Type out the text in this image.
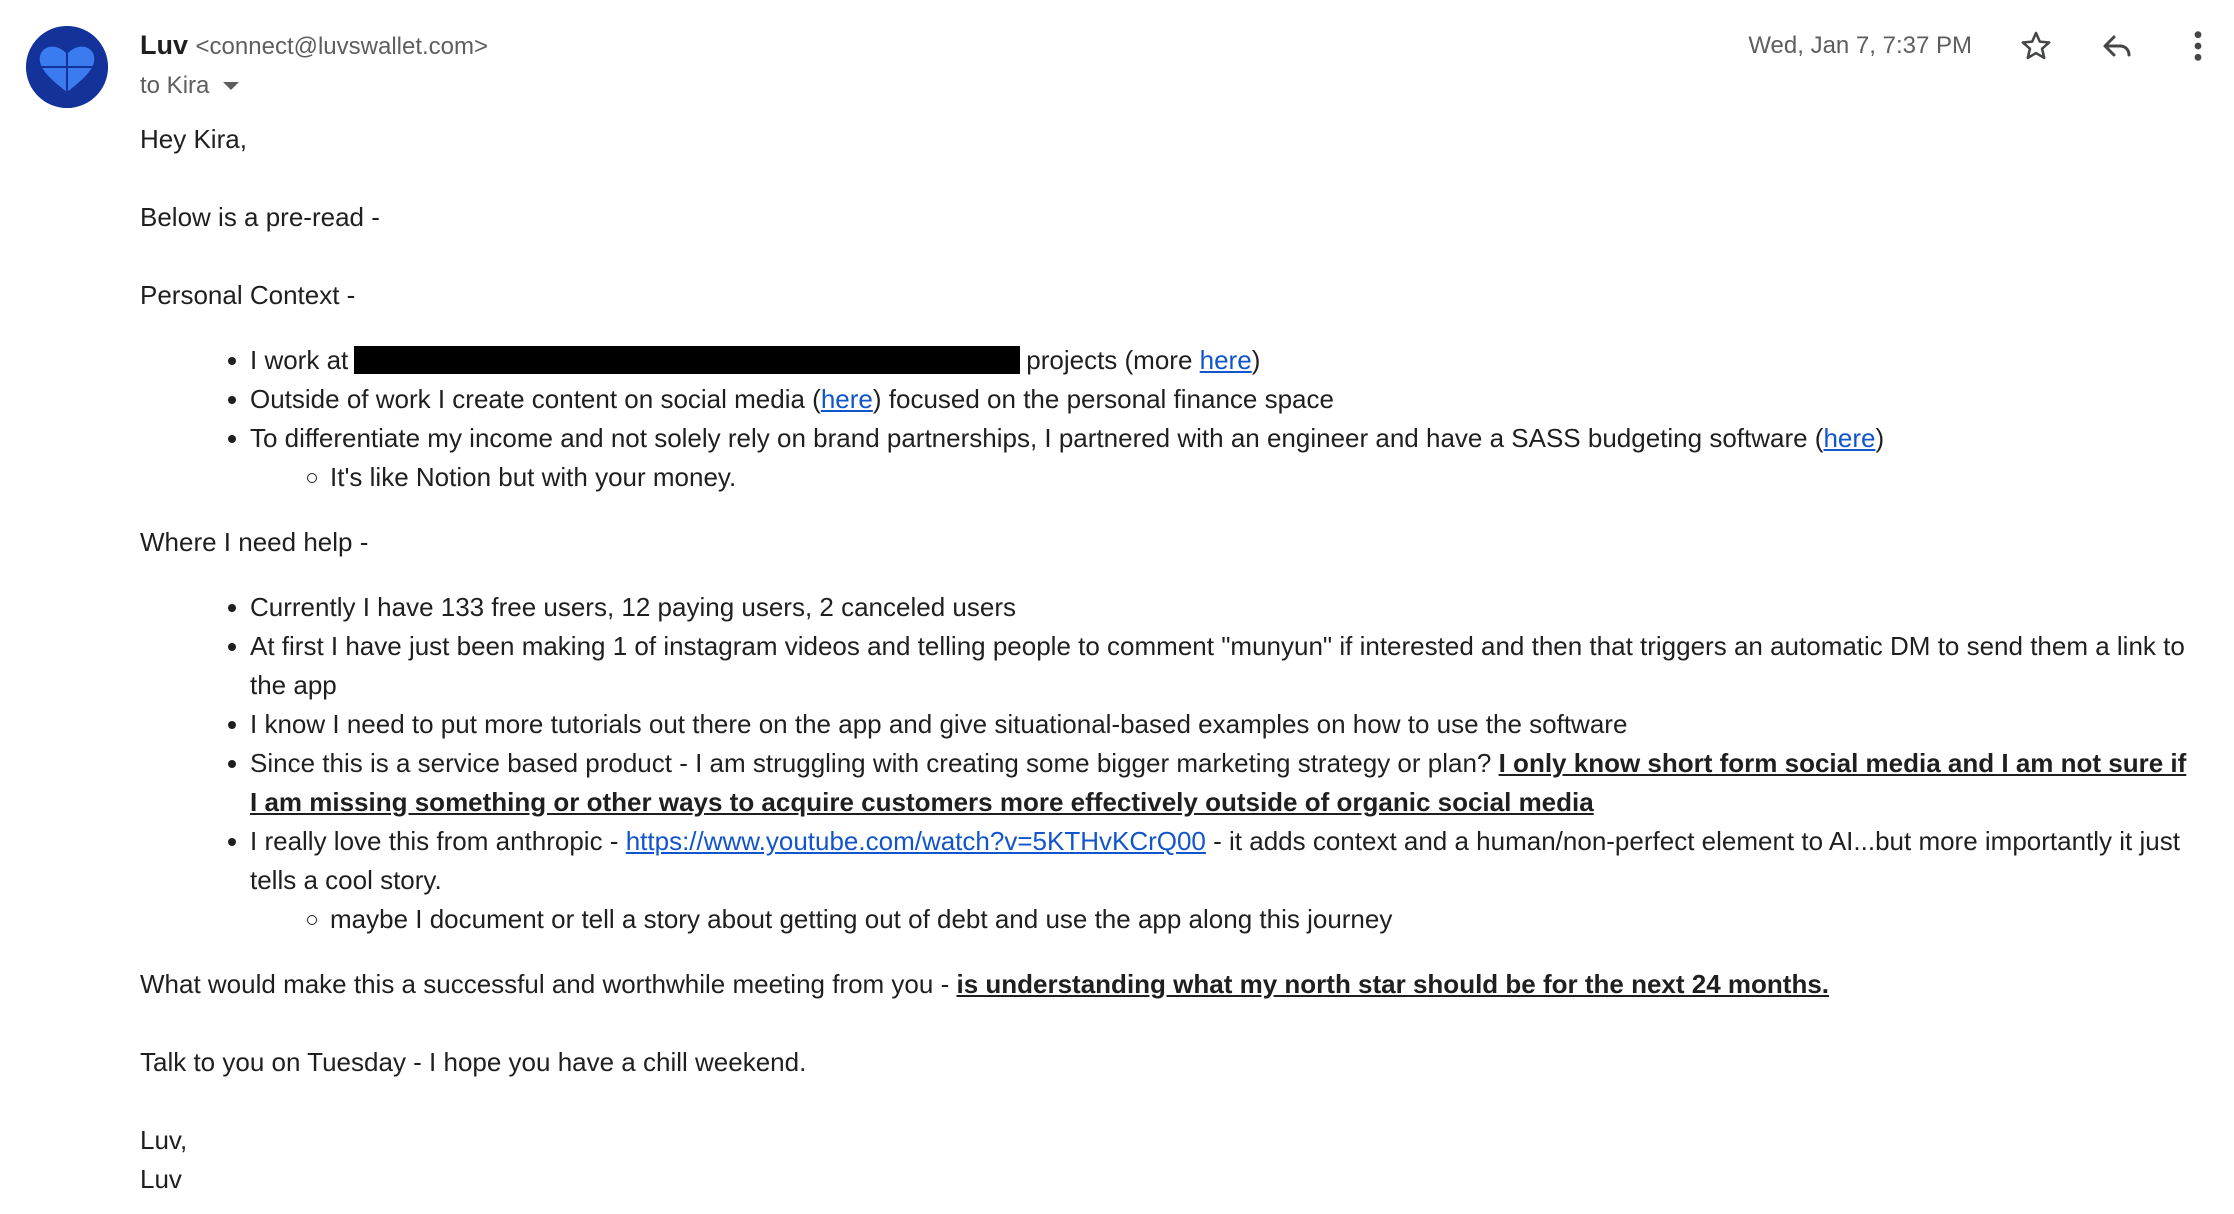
Luv <connect@luvswallet.com>
to Kira
Wed, Jan 7, 7:37 PM

Hey Kira,

Below is a pre-read -

Personal Context -

I work at	projects (more here)
Outside of work I create content on social media (here) focused on the personal finance space
To differentiate my income and not solely rely on brand partnerships, I partnered with an engineer and have a SASS budgeting software (here)
It's like Notion but with your money.

Where I need help -

Currently I have 133 free users, 12 paying users, 2 canceled users
At first I have just been making 1 of instagram videos and telling people to comment "munyun" if interested and then that triggers an automatic DM to send them a link to
the app
I know I need to put more tutorials out there on the app and give situational-based examples on how to use the software
Since this is a service based product - I am struggling with creating some bigger marketing strategy or plan? I only know short form social media and I am not sure if
I am missing something or other ways to acquire customers more effectively outside of organic social media
I really love this from anthropic - https://www.youtube.com/watch?v=5KTHvKCrQ00 - it adds context and a human/non-perfect element to AI...but more importantly it just
tells a cool story.
maybe I document or tell a story about getting out of debt and use the app along this journey

What would make this a successful and worthwhile meeting from you - is understanding what my north star should be for the next 24 months.

Talk to you on Tuesday - I hope you have a chill weekend.

Luv,

Luv
